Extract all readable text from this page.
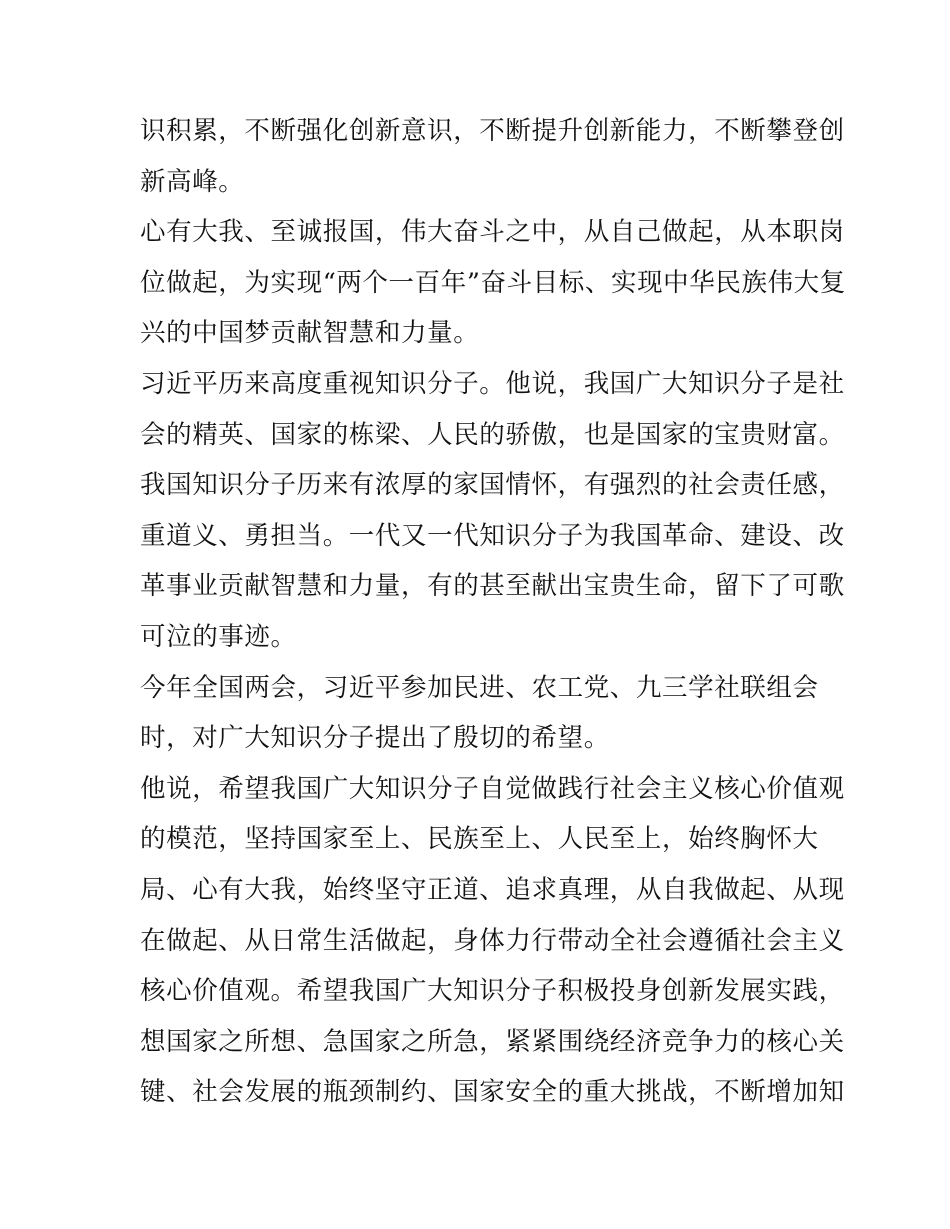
识积累，不断强化创新意识，不断提升创新能力，不断攀登创
新高峰。
心有大我、至诚报国，伟大奋斗之中，从自己做起，从本职岗
位做起，为实现“两个一百年”奋斗目标、实现中华民族伟大复
兴的中国梦贡献智慧和力量。
习近平历来高度重视知识分子。他说，我国广大知识分子是社
会的精英、国家的栋梁、人民的骄傲，也是国家的宝贵财富。
我国知识分子历来有浓厚的家国情怀，有强烈的社会责任感，
重道义、勇担当。一代又一代知识分子为我国革命、建设、改
革事业贡献智慧和力量，有的甚至献出宝贵生命，留下了可歌
可泣的事迹。
今年全国两会，习近平参加民进、农工党、九三学社联组会
时，对广大知识分子提出了殷切的希望。
他说，希望我国广大知识分子自觉做践行社会主义核心价值观
的模范，坚持国家至上、民族至上、人民至上，始终胸怀大
局、心有大我，始终坚守正道、追求真理，从自我做起、从现
在做起、从日常生活做起，身体力行带动全社会遵循社会主义
核心价值观。希望我国广大知识分子积极投身创新发展实践，
想国家之所想、急国家之所急，紧紧围绕经济竞争力的核心关
键、社会发展的瓶颈制约、国家安全的重大挑战，不断增加知
